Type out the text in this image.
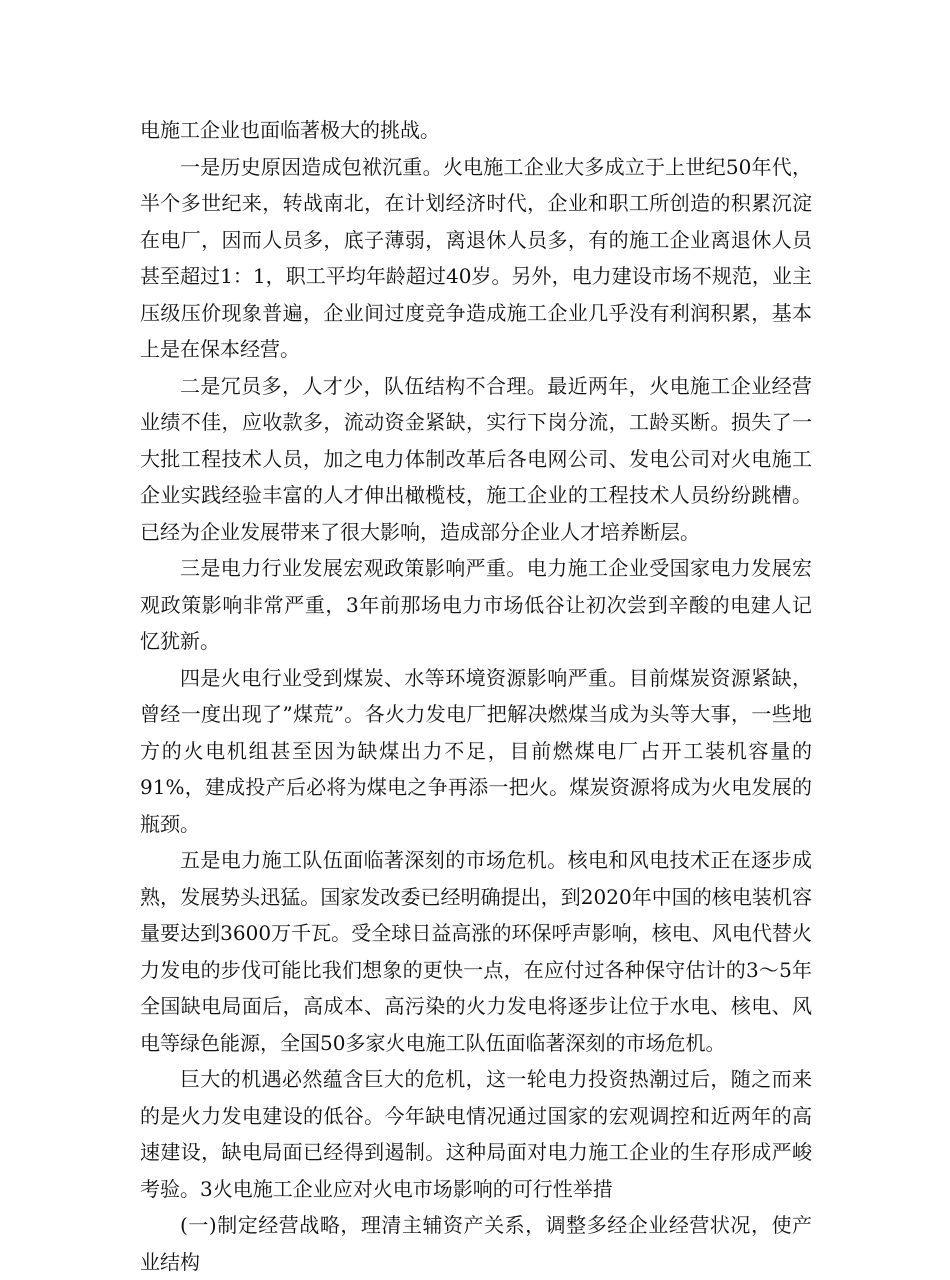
电施工企业也面临著极大的挑战。

一是历史原因造成包袱沉重。火电施工企业大多成立于上世纪50年代，半个多世纪来，转战南北，在计划经济时代，企业和职工所创造的积累沉淀在电厂，因而人员多，底子薄弱，离退休人员多，有的施工企业离退休人员甚至超过1：1，职工平均年龄超过40岁。另外，电力建设市场不规范，业主压级压价现象普遍，企业间过度竞争造成施工企业几乎没有利润积累，基本上是在保本经营。

二是冗员多，人才少，队伍结构不合理。最近两年，火电施工企业经营业绩不佳，应收款多，流动资金紧缺，实行下岗分流，工龄买断。损失了一大批工程技术人员，加之电力体制改革后各电网公司、发电公司对火电施工企业实践经验丰富的人才伸出橄榄枝，施工企业的工程技术人员纷纷跳槽。已经为企业发展带来了很大影响，造成部分企业人才培养断层。

三是电力行业发展宏观政策影响严重。电力施工企业受国家电力发展宏观政策影响非常严重，3年前那场电力市场低谷让初次尝到辛酸的电建人记忆犹新。

四是火电行业受到煤炭、水等环境资源影响严重。目前煤炭资源紧缺，曾经一度出现了”煤荒”。各火力发电厂把解决燃煤当成为头等大事，一些地方的火电机组甚至因为缺煤出力不足，目前燃煤电厂占开工装机容量的91%，建成投产后必将为煤电之争再添一把火。煤炭资源将成为火电发展的瓶颈。

五是电力施工队伍面临著深刻的市场危机。核电和风电技术正在逐步成熟，发展势头迅猛。国家发改委已经明确提出，到2020年中国的核电装机容量要达到3600万千瓦。受全球日益高涨的环保呼声影响，核电、风电代替火力发电的步伐可能比我们想象的更快一点，在应付过各种保守估计的3～5年全国缺电局面后，高成本、高污染的火力发电将逐步让位于水电、核电、风电等绿色能源，全国50多家火电施工队伍面临著深刻的市场危机。

巨大的机遇必然蕴含巨大的危机，这一轮电力投资热潮过后，随之而来的是火力发电建设的低谷。今年缺电情况通过国家的宏观调控和近两年的高速建设，缺电局面已经得到遏制。这种局面对电力施工企业的生存形成严峻考验。3火电施工企业应对火电市场影响的可行性举措

(一)制定经营战略，理清主辅资产关系，调整多经企业经营状况，使产业结构
